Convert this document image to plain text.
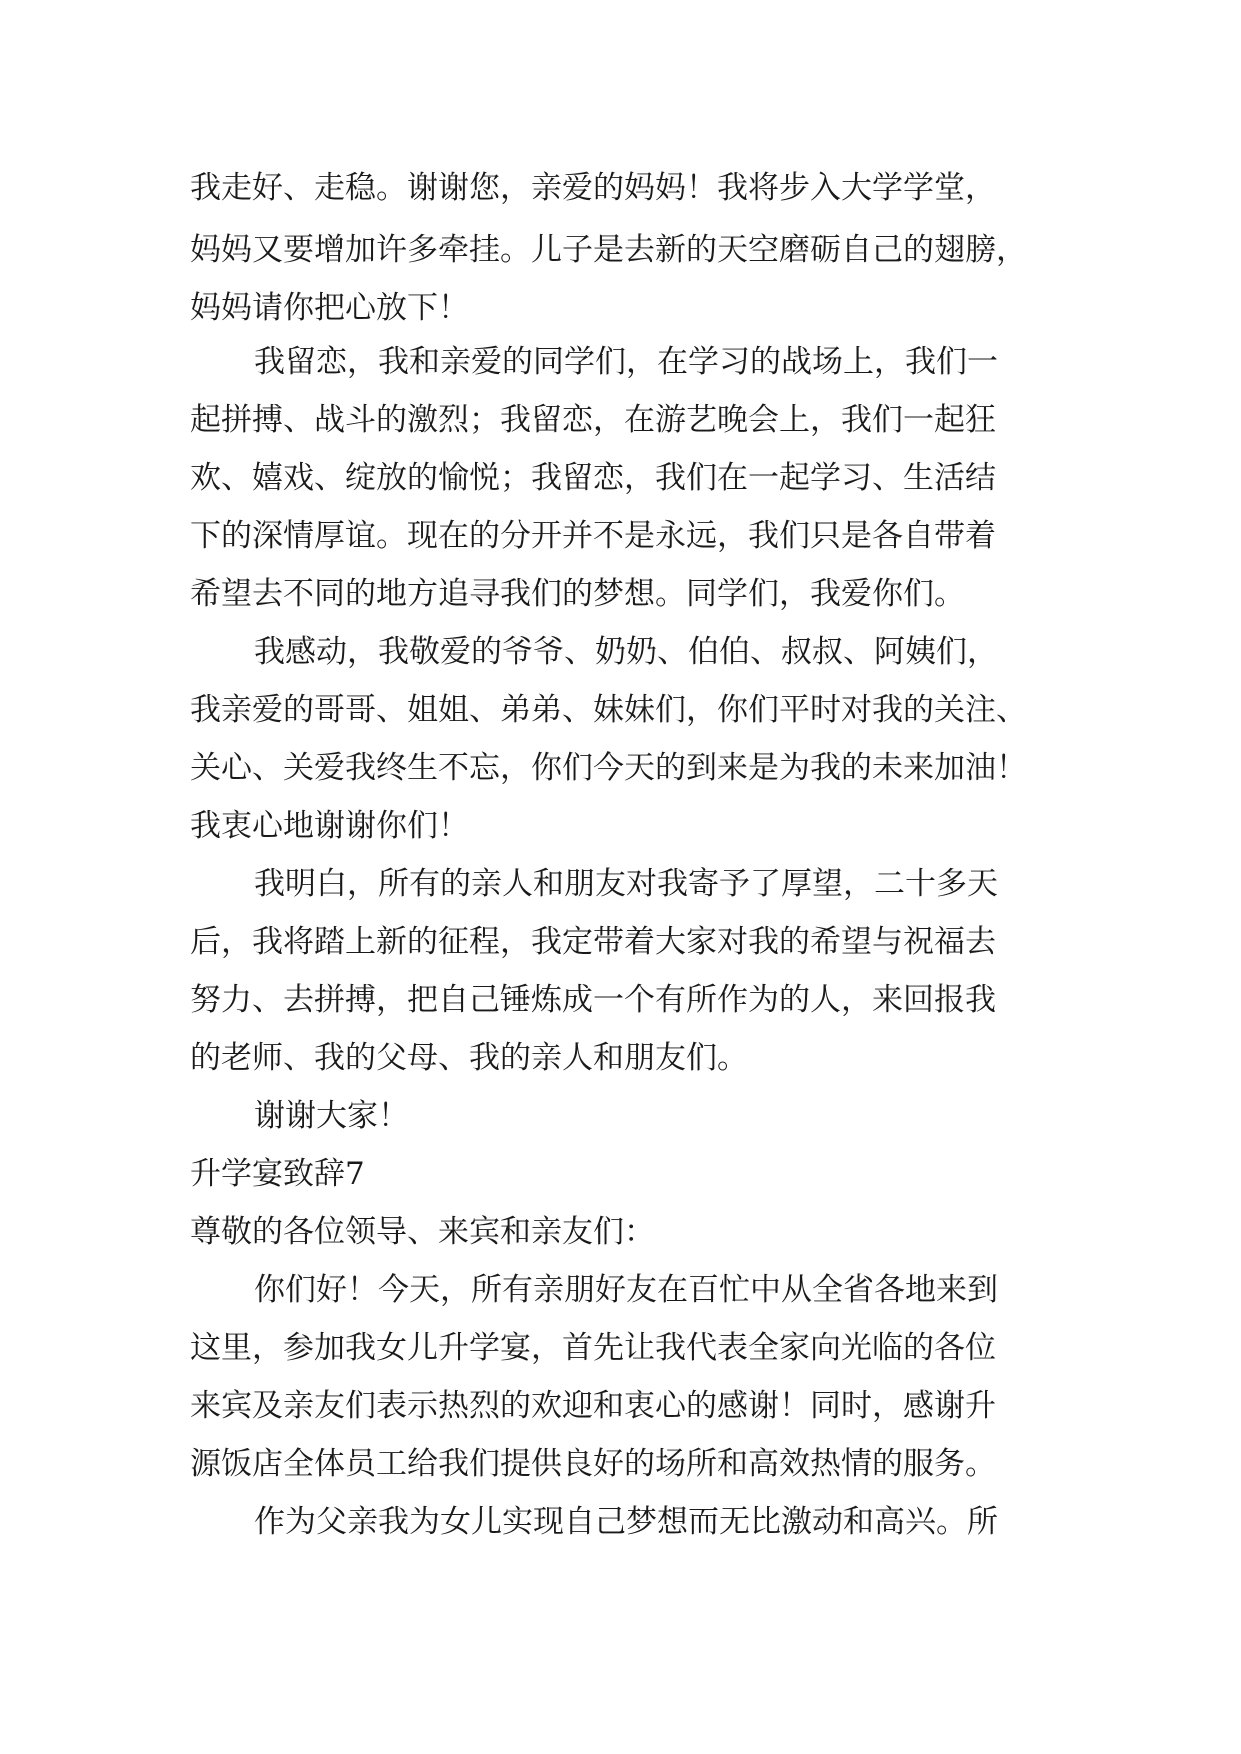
我走好、走稳。谢谢您，亲爱的妈妈！我将步入大学学堂，
妈妈又要增加许多牵挂。儿子是去新的天空磨砺自己的翅膀，
妈妈请你把心放下！
我留恋，我和亲爱的同学们，在学习的战场上，我们一
起拼搏、战斗的激烈；我留恋，在游艺晚会上，我们一起狂
欢、嬉戏、绽放的愉悦；我留恋，我们在一起学习、生活结
下的深情厚谊。现在的分开并不是永远，我们只是各自带着
希望去不同的地方追寻我们的梦想。同学们，我爱你们。
我感动，我敬爱的爷爷、奶奶、伯伯、叔叔、阿姨们，
我亲爱的哥哥、姐姐、弟弟、妹妹们，你们平时对我的关注、
关心、关爱我终生不忘，你们今天的到来是为我的未来加油！
我衷心地谢谢你们！
我明白，所有的亲人和朋友对我寄予了厚望，二十多天
后，我将踏上新的征程，我定带着大家对我的希望与祝福去
努力、去拼搏，把自己锤炼成一个有所作为的人，来回报我
的老师、我的父母、我的亲人和朋友们。
谢谢大家！
升学宴致辞7
尊敬的各位领导、来宾和亲友们：
你们好！今天，所有亲朋好友在百忙中从全省各地来到
这里，参加我女儿升学宴，首先让我代表全家向光临的各位
来宾及亲友们表示热烈的欢迎和衷心的感谢！同时，感谢升
源饭店全体员工给我们提供良好的场所和高效热情的服务。
作为父亲我为女儿实现自己梦想而无比激动和高兴。所
